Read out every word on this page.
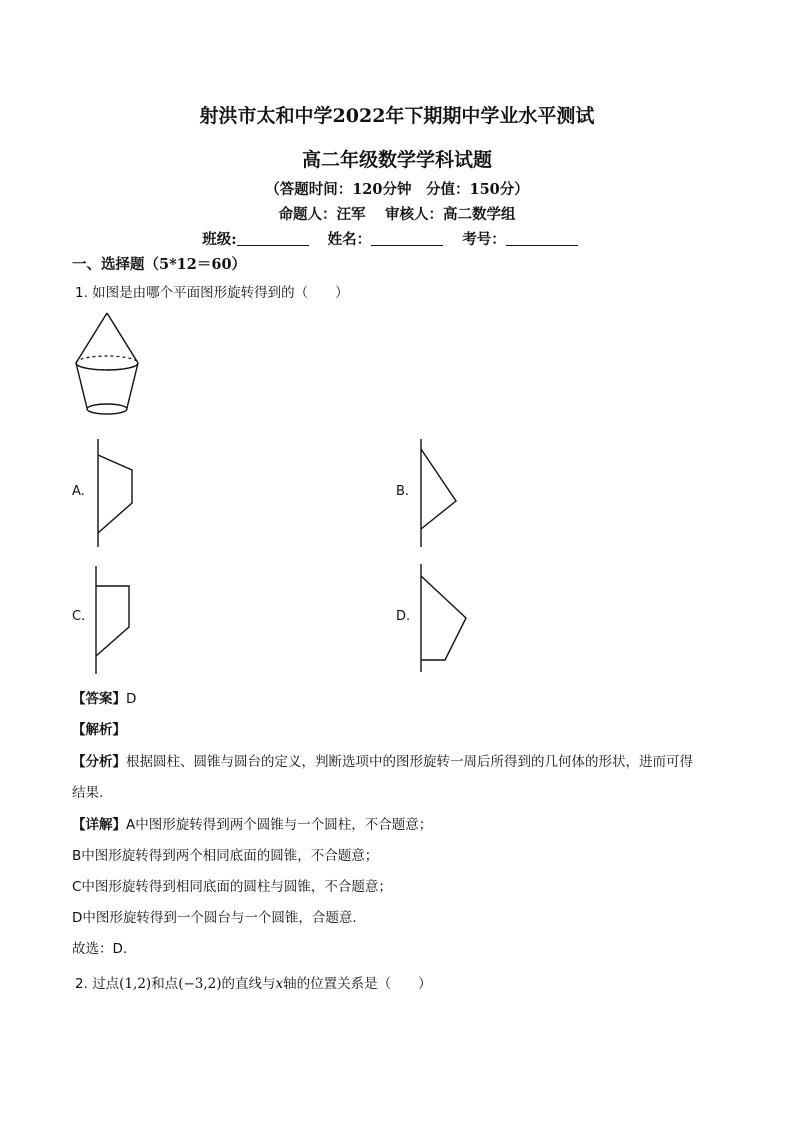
射洪市太和中学2022年下期期中学业水平测试
高二年级数学学科试题
（答题时间：120分钟　分值：150分）
命题人：汪军　 审核人：高二数学组
班级:	姓名：	考号：
一、选择题（5*12＝60）
1. 如图是由哪个平面图形旋转得到的（　　）
A.	B.
C.	D.
【答案】D
【解析】
【分析】根据圆柱、圆锥与圆台的定义，判断选项中的图形旋转一周后所得到的几何体的形状，进而可得
结果.
【详解】A中图形旋转得到两个圆锥与一个圆柱，不合题意；
B中图形旋转得到两个相同底面的圆锥，不合题意；
C中图形旋转得到相同底面的圆柱与圆锥，不合题意；
D中图形旋转得到一个圆台与一个圆锥，合题意.
故选：D.
2. 过点(1,2)和点(−3,2)的直线与x轴的位置关系是（　　）
